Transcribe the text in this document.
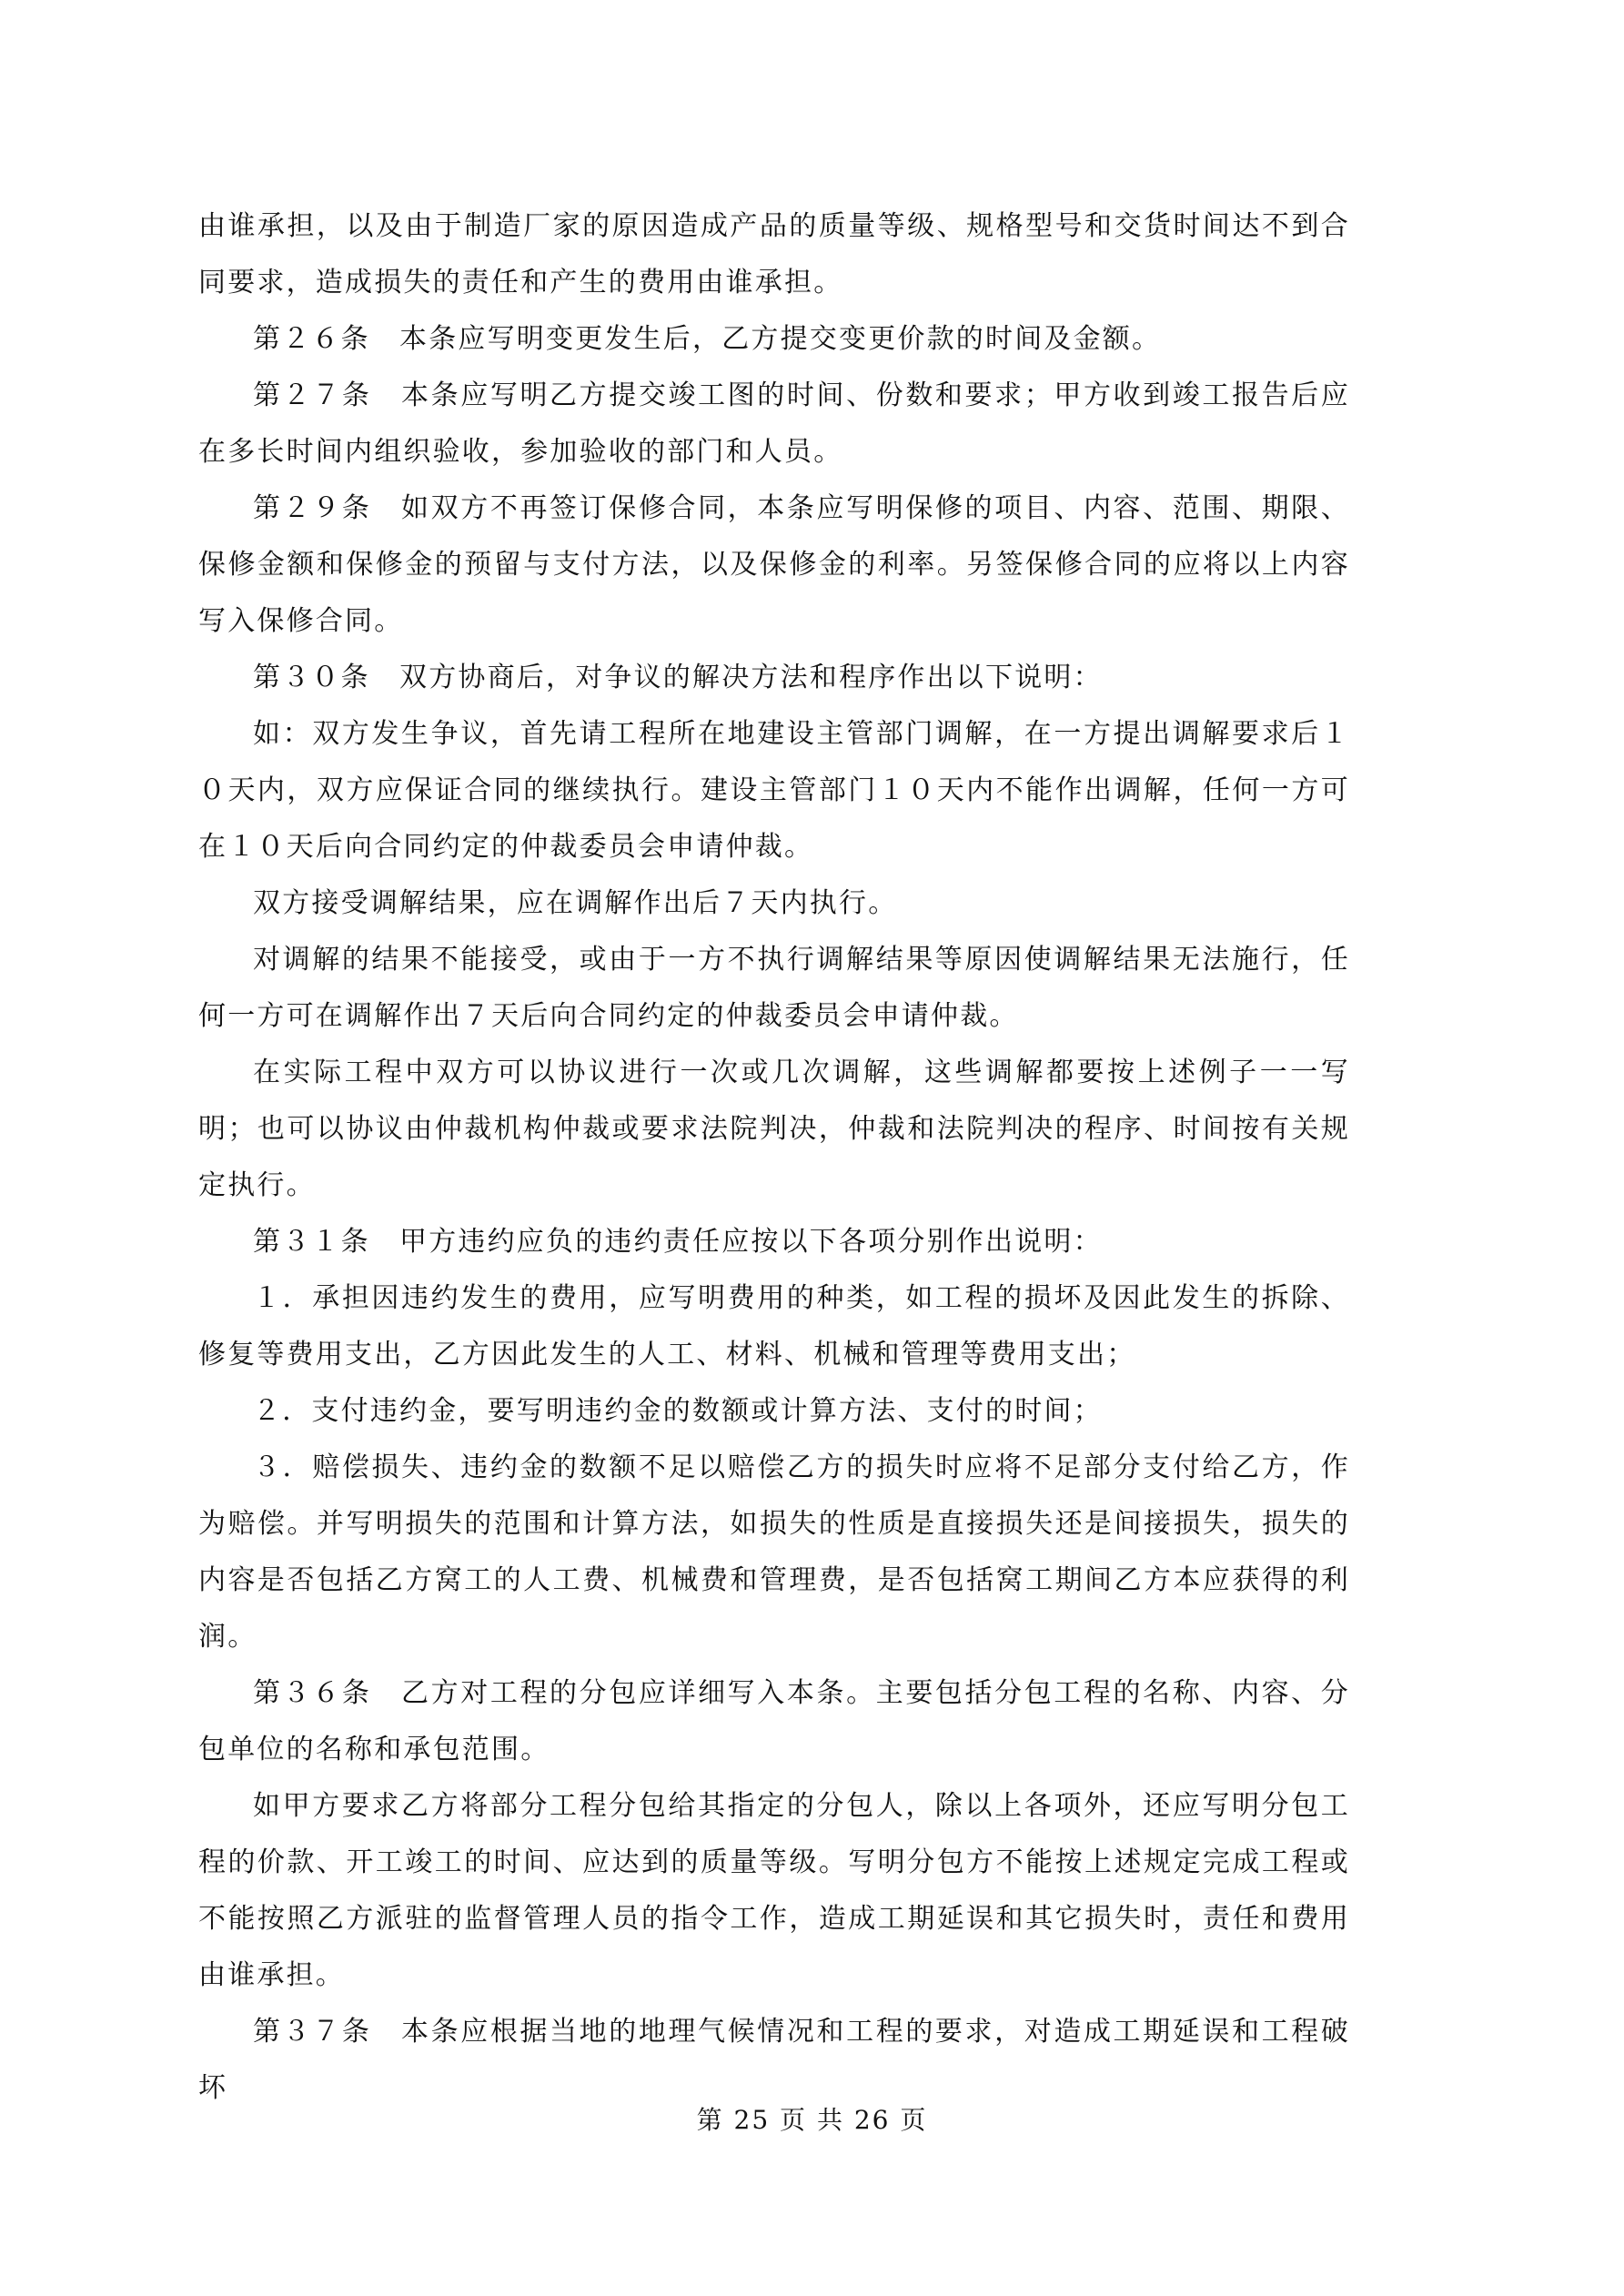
由谁承担，以及由于制造厂家的原因造成产品的质量等级、规格型号和交货时间达不到合同要求，造成损失的责任和产生的费用由谁承担。

第２６条　本条应写明变更发生后，乙方提交变更价款的时间及金额。

第２７条　本条应写明乙方提交竣工图的时间、份数和要求；甲方收到竣工报告后应在多长时间内组织验收，参加验收的部门和人员。

第２９条　如双方不再签订保修合同，本条应写明保修的项目、内容、范围、期限、保修金额和保修金的预留与支付方法，以及保修金的利率。另签保修合同的应将以上内容写入保修合同。

第３０条　双方协商后，对争议的解决方法和程序作出以下说明：

如：双方发生争议，首先请工程所在地建设主管部门调解，在一方提出调解要求后１０天内，双方应保证合同的继续执行。建设主管部门１０天内不能作出调解，任何一方可在１０天后向合同约定的仲裁委员会申请仲裁。

双方接受调解结果，应在调解作出后７天内执行。

对调解的结果不能接受，或由于一方不执行调解结果等原因使调解结果无法施行，任何一方可在调解作出７天后向合同约定的仲裁委员会申请仲裁。

在实际工程中双方可以协议进行一次或几次调解，这些调解都要按上述例子一一写明；也可以协议由仲裁机构仲裁或要求法院判决，仲裁和法院判决的程序、时间按有关规定执行。

第３１条　甲方违约应负的违约责任应按以下各项分别作出说明：

１．承担因违约发生的费用，应写明费用的种类，如工程的损坏及因此发生的拆除、修复等费用支出，乙方因此发生的人工、材料、机械和管理等费用支出；

２．支付违约金，要写明违约金的数额或计算方法、支付的时间；

３．赔偿损失、违约金的数额不足以赔偿乙方的损失时应将不足部分支付给乙方，作为赔偿。并写明损失的范围和计算方法，如损失的性质是直接损失还是间接损失，损失的内容是否包括乙方窝工的人工费、机械费和管理费，是否包括窝工期间乙方本应获得的利润。

第３６条　乙方对工程的分包应详细写入本条。主要包括分包工程的名称、内容、分包单位的名称和承包范围。

如甲方要求乙方将部分工程分包给其指定的分包人，除以上各项外，还应写明分包工程的价款、开工竣工的时间、应达到的质量等级。写明分包方不能按上述规定完成工程或不能按照乙方派驻的监督管理人员的指令工作，造成工期延误和其它损失时，责任和费用由谁承担。

第３７条　本条应根据当地的地理气候情况和工程的要求，对造成工期延误和工程破坏

第 25 页 共 26 页
